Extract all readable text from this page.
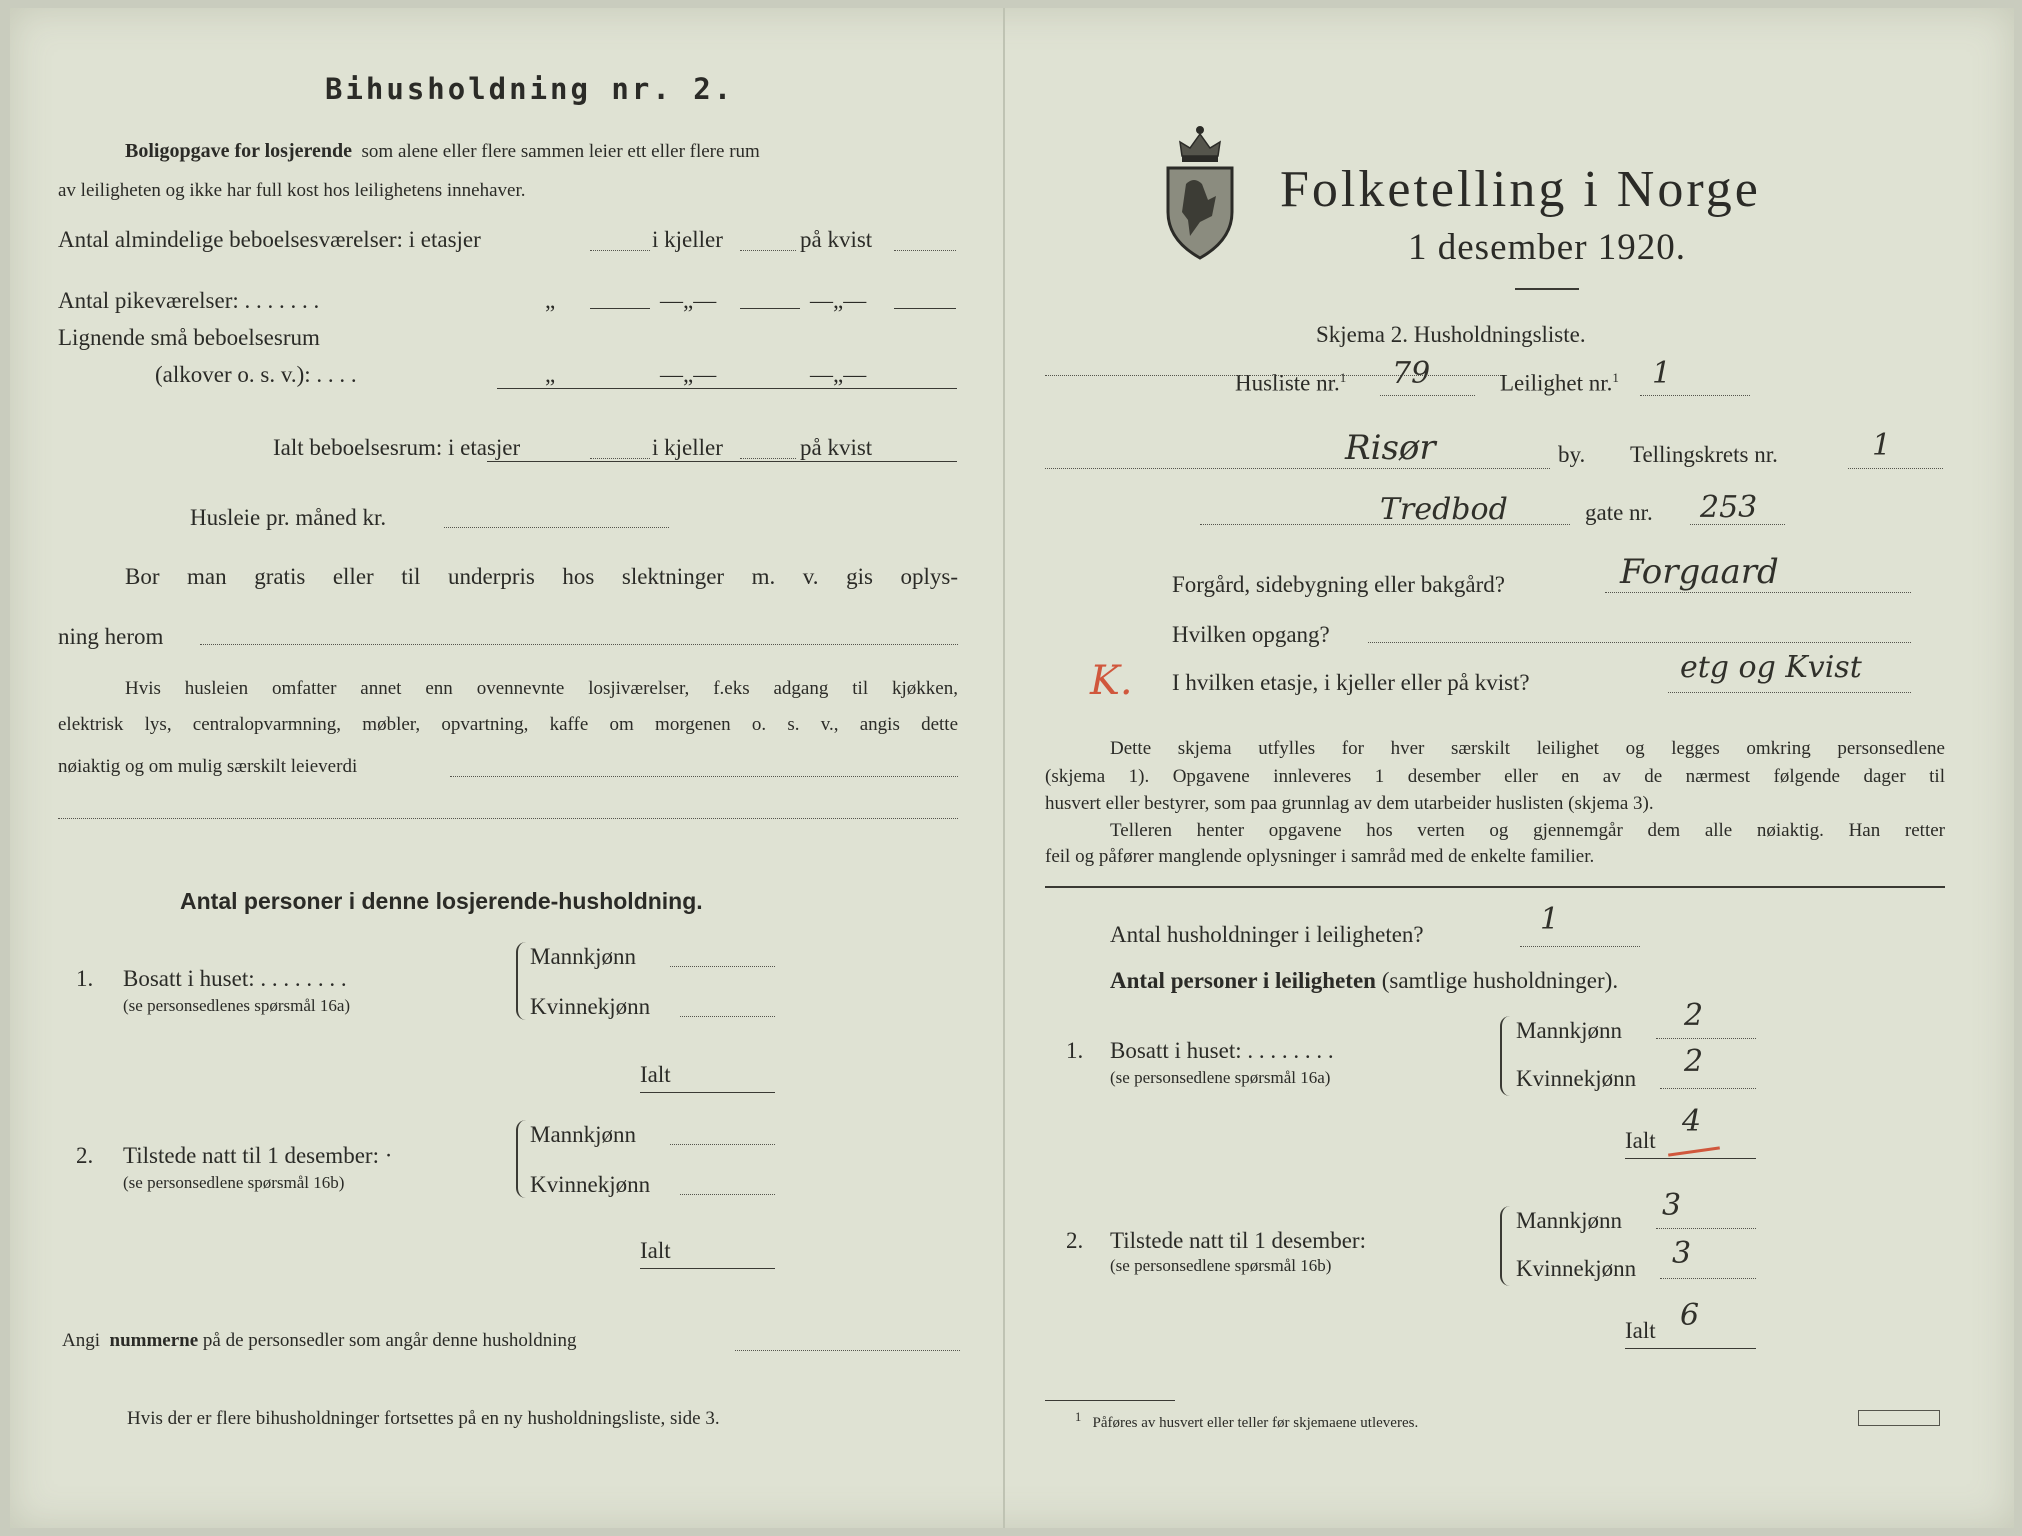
Bihusholdning nr. 2.
Boligopgave for losjerende som alene eller flere sammen leier ett eller flere rum
av leiligheten og ikke har full kost hos leilighetens innehaver.
Antal almindelige beboelsesværelser: i etasjer	i kjeller	på kvist
Antal pikeværelser: . . . . . . .	„	—„—	—„—
Lignende små beboelsesrum
(alkover o. s. v.): . . . .	„	—„—	—„—
Ialt beboelsesrum: i etasjer	i kjeller	på kvist
Husleie pr. måned kr.
Bor man gratis eller til underpris hos slektninger m. v. gis oplys-
ning herom
Hvis husleien omfatter annet enn ovennevnte losjiværelser, f.eks adgang til kjøkken,
elektrisk lys, centralopvarmning, møbler, opvartning, kaffe om morgenen o. s. v., angis dette
nøiaktig og om mulig særskilt leieverdi
Antal personer i denne losjerende-husholdning.
1. Bosatt i huset: . . . . . . . .
(se personsedlenes spørsmål 16a)
Mannkjønn
Kvinnekjønn
Ialt
2. Tilstede natt til 1 desember: ·
(se personsedlene spørsmål 16b)
Mannkjønn
Kvinnekjønn
Ialt
Angi nummerne på de personsedler som angår denne husholdning
Hvis der er flere bihusholdninger fortsettes på en ny husholdningsliste, side 3.
Folketelling i Norge
1 desember 1920.
Skjema 2. Husholdningsliste.
Husliste nr.$^1$ 79	Leilighet nr.$^1$ 1
Risør	by. Tellingskrets nr.	1
Tredbod	gate nr. 253
Forgård, sidebygning eller bakgård?	Forgaard
Hvilken opgang?
K. I hvilken etasje, i kjeller eller på kvist?	etg og Kvist
Dette skjema utfylles for hver særskilt leilighet og legges omkring personsedlene
(skjema 1). Opgavene innleveres 1 desember eller en av de nærmest følgende dager til
husvert eller bestyrer, som paa grunnlag av dem utarbeider huslisten (skjema 3).
Telleren henter opgavene hos verten og gjennemgår dem alle nøiaktig. Han retter
feil og påfører manglende oplysninger i samråd med de enkelte familier.
Antal husholdninger i leiligheten?	1
Antal personer i leiligheten (samtlige husholdninger).
1. Bosatt i huset: . . . . . . . .
(se personsedlene spørsmål 16a)
Mannkjønn 2
Kvinnekjønn 2
Ialt
4
2. Tilstede natt til 1 desember:
(se personsedlene spørsmål 16b)
Mannkjønn 3
Kvinnekjønn 3
Ialt 6
$^1$ Påføres av husvert eller teller før skjemaene utleveres.
